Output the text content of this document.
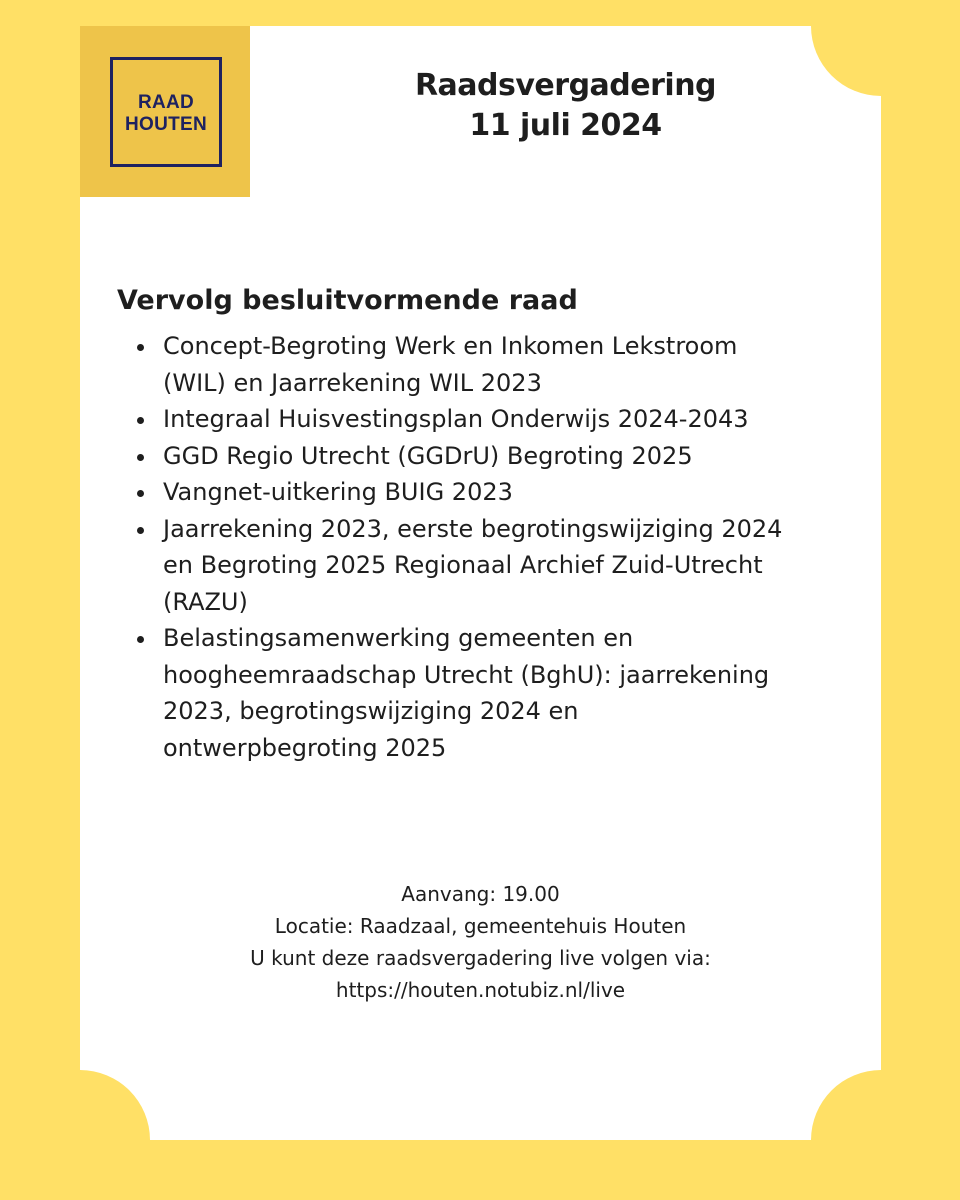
RAAD
HOUTEN
Raadsvergadering
11 juli 2024
Vervolg besluitvormende raad
Concept-Begroting Werk en Inkomen Lekstroom
(WIL) en Jaarrekening WIL 2023
Integraal Huisvestingsplan Onderwijs 2024-2043
GGD Regio Utrecht (GGDrU) Begroting 2025
Vangnet-uitkering BUIG 2023
Jaarrekening 2023, eerste begrotingswijziging 2024
en Begroting 2025 Regionaal Archief Zuid-Utrecht
(RAZU)
Belastingsamenwerking gemeenten en
hoogheemraadschap Utrecht (BghU): jaarrekening
2023, begrotingswijziging 2024 en
ontwerpbegroting 2025
Aanvang: 19.00
Locatie: Raadzaal, gemeentehuis Houten
U kunt deze raadsvergadering live volgen via:
https://houten.notubiz.nl/live
